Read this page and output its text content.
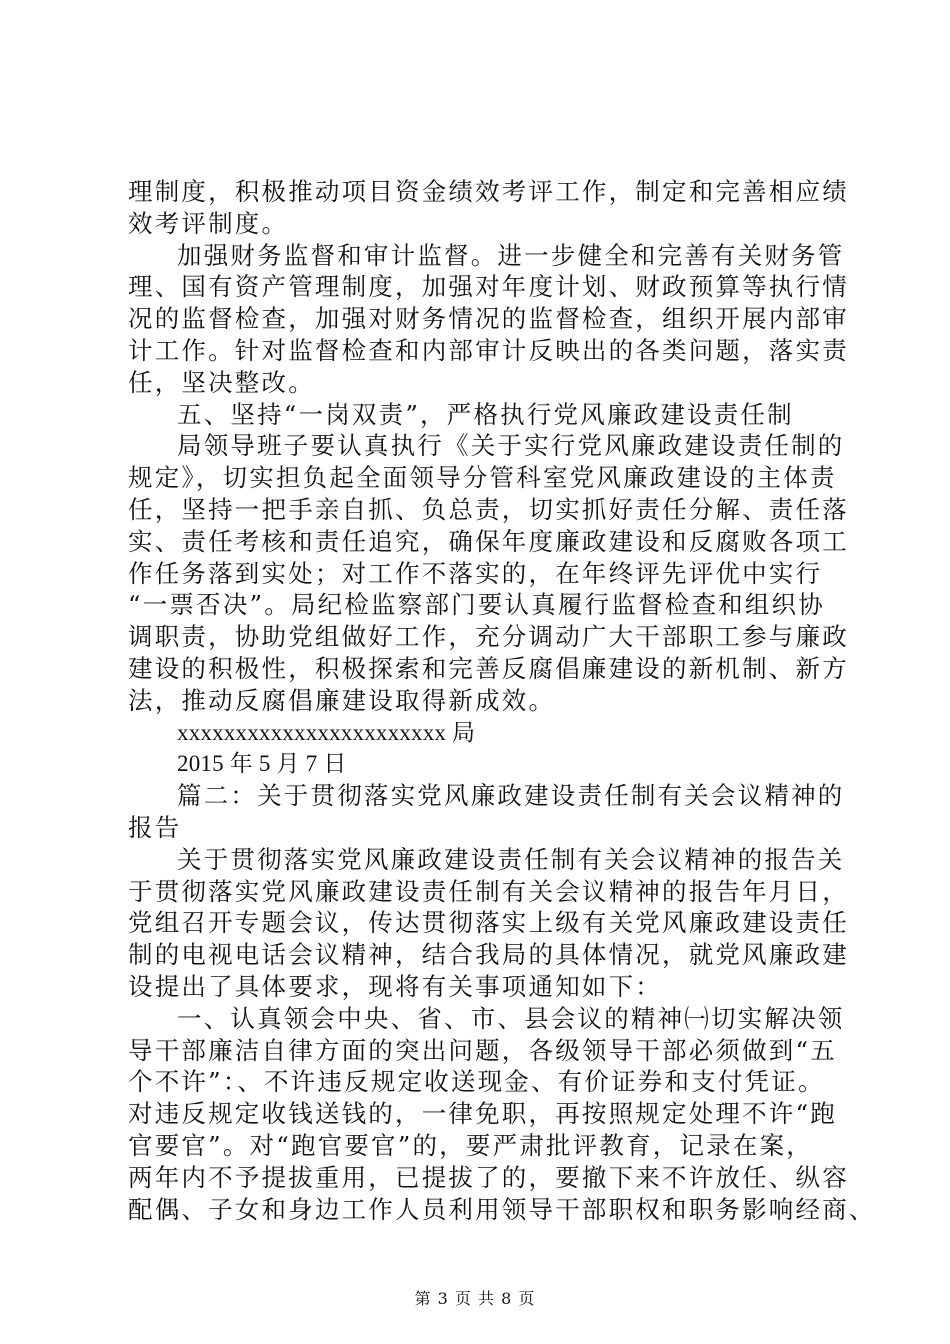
理制度，积极推动项目资金绩效考评工作，制定和完善相应绩
效考评制度。
加强财务监督和审计监督。进一步健全和完善有关财务管
理、国有资产管理制度，加强对年度计划、财政预算等执行情
况的监督检查，加强对财务情况的监督检查，组织开展内部审
计工作。针对监督检查和内部审计反映出的各类问题，落实责
任，坚决整改。
五、坚持“一岗双责”，严格执行党风廉政建设责任制
局领导班子要认真执行《关于实行党风廉政建设责任制的
规定》，切实担负起全面领导分管科室党风廉政建设的主体责
任，坚持一把手亲自抓、负总责，切实抓好责任分解、责任落
实、责任考核和责任追究，确保年度廉政建设和反腐败各项工
作任务落到实处；对工作不落实的，在年终评先评优中实行
“一票否决”。局纪检监察部门要认真履行监督检查和组织协
调职责，协助党组做好工作，充分调动广大干部职工参与廉政
建设的积极性，积极探索和完善反腐倡廉建设的新机制、新方
法，推动反腐倡廉建设取得新成效。
xxxxxxxxxxxxxxxxxxxxxxx 局
2015 年 5 月 7 日
篇二：关于贯彻落实党风廉政建设责任制有关会议精神的
报告
关于贯彻落实党风廉政建设责任制有关会议精神的报告关
于贯彻落实党风廉政建设责任制有关会议精神的报告年月日，
党组召开专题会议，传达贯彻落实上级有关党风廉政建设责任
制的电视电话会议精神，结合我局的具体情况，就党风廉政建
设提出了具体要求，现将有关事项通知如下：
一、认真领会中央、省、市、县会议的精神㈠切实解决领
导干部廉洁自律方面的突出问题，各级领导干部必须做到“五
个不许”：、不许违反规定收送现金、有价证券和支付凭证。
对违反规定收钱送钱的，一律免职，再按照规定处理不许“跑
官要官”。对“跑官要官”的，要严肃批评教育，记录在案，
两年内不予提拔重用，已提拔了的，要撤下来不许放任、纵容
配偶、子女和身边工作人员利用领导干部职权和职务影响经商、
第 3 页 共 8 页
